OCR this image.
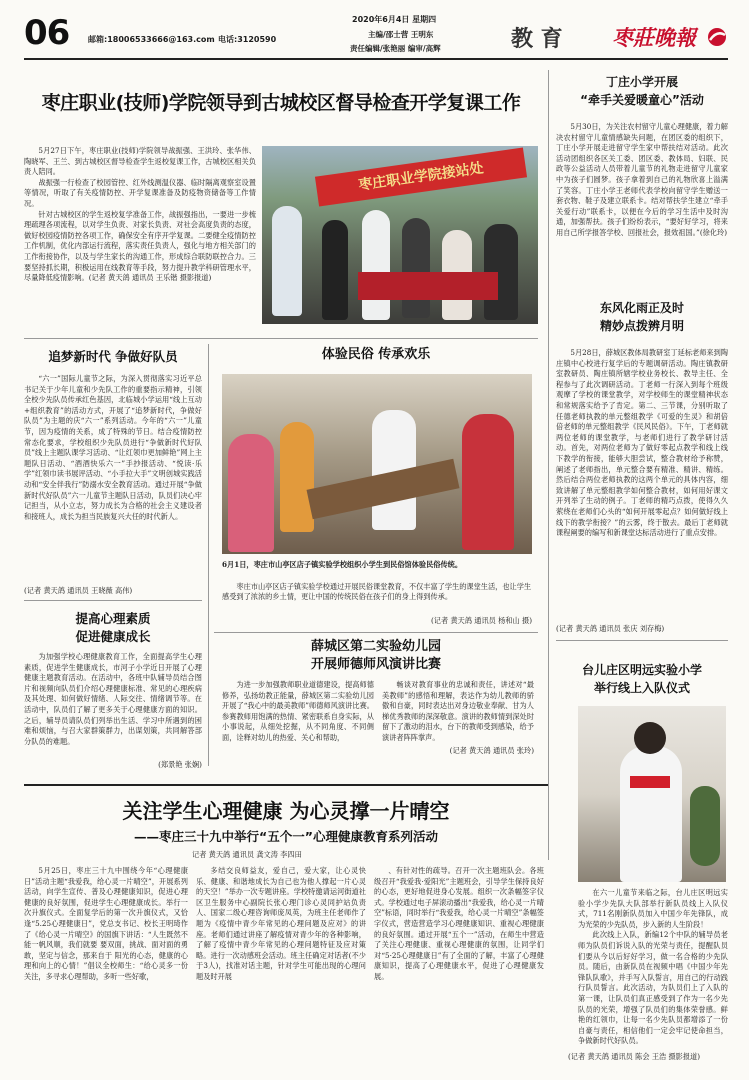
06 邮箱:18006533666@163.com 电话:3120590
2020年6月4日 星期四
主编/邵士营 王明东
责任编辑/张艳丽 编审/高辉	教 育 枣莊晚報
枣庄职业(技师)学院领导到古城校区督导检查开学复课工作

5月27日下午，枣庄职业(技师)学院领导战振强、王洪玲、张华伟、陶晓军、王兰、到古城校区督导检查学生返校复课工作，古城校区相关负责人陪同。

战振强一行检查了校园管控、红外线测温仪器、临时隔离观察室设置等情况，听取了有关疫情防控、开学复课准备及防疫物资储备等工作情况。

针对古城校区的学生返校复学准备工作，战振强指出，一要进一步梳理疏理各项流程，以对学生负责、对家长负责、对社会高度负责的态度，做好校园疫情防控各项工作，确保安全有序开学复课。二要健全疫情防控工作机制，优化内部运行流程，落实责任负责人，强化与地方相关部门的工作衔接协作，以及与学生家长的沟通工作，形成综合联防联控合力。三要坚持抓长期，积极运用在线教育等手段，努力提升教学科研管理水平，尽量降低疫情影响。(记者 黄天鸽 通讯员 王乐锴 摄影报道)

枣庄职业学院接站处
丁庄小学开展
“牵手关爱暖童心”活动

5月30日，为关注农村留守儿童心理健康，着力解决农村留守儿童情感缺失问题，在团区委的组织下，丁庄小学开展走进留守学生家中帮扶结对活动。此次活动团组织各区关工委、团区委、教体局、妇联、民政等公益活动人员带着儿童节的礼物走进留守儿童家中为孩子们圆梦。孩子拿着到自己的礼物欣喜上溢满了笑容。丁庄小学王老师代表学校向留守学生赠送一套衣物、鞋子及建立联系卡。结对帮扶学生建立“牵手关爱行动”联系卡，以便在今后的学习生活中及时沟通，加强帮扶。孩子们纷纷表示，“要好好学习，将来用自己所学报答学校、回报社会，报效祖国。”(徐化玲)

东风化雨正及时
精妙点拨辨月明

5月28日，薛城区教体局教研室丁延标老师来到陶庄镇中心校进行复学后的专题调研活动。陶庄镇教研室教研员、陶庄镇所辖学校业务校长、教导主任、全程参与了此次调研活动。丁老师一行深入到每个班级观摩了学校的课堂教学，对学校师生的课堂精神状态和常规落实给予了肯定。第二、三节课，分别听取了任德老师执教的单元整组教学《可爱的生灵》和胡倍倍老师的单元整组教学《民风民俗》。下午，丁老师就两位老师的课堂教学，与老师们进行了教学研讨活动。首先，对两位老师为了做好零起点教学和线上线下教学的衔接，能够大胆尝试，整合教材给予称赞，阐述了老师指出，单元整合要有精准、精讲、精练。然后结合两位老师执教的这两个单元的具体内容，细致讲解了单元整组教学如何整合教材，如何用好课文开列举了生动的例子。丁老师的精巧点拨，使得久久萦绕在老师们心头的“如何开展零起点？如何做好线上线下的教学衔接？”的云雾，终于散去。最后丁老师就课程阐要的编写和新课堂达标活动进行了重点安排。

(记者 黄天鸽 通讯员 张庆 刘存梅)
追梦新时代 争做好队员

“六一”国际儿童节之际，为深入贯彻落实习近平总书记关于少年儿童和少先队工作的重要指示精神，引领全校少先队员传承红色基因，北临城小学运用“线上互动+组织教育”的活动方式，开展了“追梦新时代，争做好队员”为主题的庆“六一”系列活动。今年的“六一”儿童节，因为疫情的关系，成了特殊的节日。结合疫情防控常态化要求，学校组织少先队员进行“争做新时代好队员”线上主题队课学习活动、“让红领巾更加鲜艳”网上主题队日活动、“酒酒快乐六一”手抄报活动、“悦读·乐学”红领巾读书展评活动、“小手拉大手”文明创城实践活动和“安全伴我行”防溺水安全教育活动。通过开展“争做新时代好队员”六一儿童节主题队日活动，队员们决心牢记担当，从小立志，努力成长为合格的社会主义建设者和接班人，成长为担当民族复兴大任的时代新人。

(记者 黄天鸽 通讯员 王晓薇 高伟)
体验民俗 传承欢乐
6月1日，枣庄市山亭区店子镇实验学校组织小学生到民俗馆体验民俗传统。
枣庄市山亭区店子镇实验学校通过开展民俗课堂教育，不仅丰富了学生的课堂生活，也让学生感受到了浓浓的乡土情，更让中国的传统民俗在孩子们的身上得到传承。
(记者 黄天鸽 通讯员 杨和山 摄)
提高心理素质
促进健康成长

为加强学校心理健康教育工作，全面提高学生心理素质，促进学生健康成长，市河子小学近日开展了心理健康主题教育活动。在活动中，各班中队辅导员结合图片和视频向队员们介绍心理健康标准、常见的心理疾病及其处理、如何做好情绪、人际交往、情绪调节等。在活动中，队员们了解了更多关于心理健康方面的知识。之后，辅导员请队员们列举出生活、学习中所遇到的困难和烦恼，与召大家群策群力，出谋划策，共同解答部分队员的难题。

(郑景艳 张娴)
薛城区第二实验幼儿园
开展师德师风演讲比赛

为进一步加强教师职业道德建设，提高师德修养，弘扬幼教正能量，薛城区第二实验幼儿园开展了“我心中的最美教师”师德师风演讲比赛。参赛教师用饱满的热情、紧密联系自身实际，从小事说起，从细处挖掘，从不同角度、不同侧面，诠释对幼儿的热爱、关心和帮助，

畅谈对教育事业的忠诚和责任，讲述对“最美教师”的感悟和理解，表达作为幼儿教师的骄傲和自豪，同时表达出对身边敬业奉献、甘为人梯优秀教师的深深敬意。演讲的教师情到深处时留下了激动的泪水，台下的教师受到感染，给予演讲者阵阵掌声。

(记者 黄天鸽 通讯员 张玲)
台儿庄区明远实验小学
举行线上入队仪式

在六一儿童节来临之际，台儿庄区明远实验小学少先队大队部举行新队员线上入队仪式，711名刚新队员加入中国少年先锋队，成为光荣的少先队员，步入新的人生阶段！

此次线上入队，新编12个中队的辅导员老师为队员们诉说入队的光荣与责任，提醒队员们要从今以后好好学习，做一名合格的少先队员。随后，由新队员在视频中唱《中国少年先锋队队歌》，并手写入队誓言，用自己的行动践行队员誓言。此次活动，为队员们上了入队的第一课，让队员们真正感受到了作为一名少先队员的光荣，增强了队员们的集体荣誉感。鲜艳的红领巾，让每一名少先队员都增添了一份自豪与责任，相信他们一定会牢记使命担当，争做新时代好队员。

(记者 黄天鸽 通讯员 陈会 王浩 摄影报道)
关注学生心理健康 为心灵撑一片晴空
——枣庄三十九中举行“五个一”心理健康教育系列活动
记者 黄天鸽 通讯员 龚文涛 李四田

5月25日，枣庄三十九中围绕今年“心理健康日”活动主题“我爱我，给心灵一片晴空”，开展系列活动，向学生宣传、普及心理健康知识，促进心理健康的良好氛围，促进学生心理健康成长。举行一次升旗仪式。全面复学后的第一次升旗仪式，又恰逢“5.25心理健康日”，党总支书记、校长王明琦作了《给心灵一片晴空》的国旗下讲话：“人生既然不能一帆风顺，我们就要 要双面，挑战、面对面的勇敢，坚定与信念，那来自于 阳光的心态，健康的心理和向上的心情！”倡议全校师生：“给心灵多一份关注，多寻求心理帮助，多听一些好歌，

多结交良师益友，爱自己，爱大家，让心灵快乐、健康、和谐地成长为自己也为他人撑起一片心灵的天空！”举办一次专题讲座。学校特邀请运河街道社区卫生服务中心副院长张心理门诊心灵同护站负责人、国家二级心理咨询师庞凤英，为班主任老师作了题为《疫情中青少年常见的心理问题及应对》的讲座。老师们通过讲座了解疫情对青少年的各种影响，了解了疫情中青少年常见的心理问题特征及应对策略。进行一次动感班会活动。班主任确定对话者(不少于3人)，找准对话主题，针对学生可能出现的心理问题及时开展

、有针对性的疏导。召开一次主题班队会。各班级召开“我爱我·爱阳光”主题班会，引导学生保持良好的心态，更好地促进身心发展。组织一次条幅签字仪式。学校通过电子屏滚动播出“我爱我，给心灵一片晴空”标语，同时举行“我爱我，给心灵一片晴空”条幅签字仪式，营造营造学习心理健康知识、重视心理健康的良好氛围。通过开展“五个一”活动，在师生中营造了关注心理健康、重视心理健康的氛围，让同学们对“5·25心理健康日”有了全面的了解，丰富了心理健康知识，提高了心理健康水平，促进了心理健康发展。
